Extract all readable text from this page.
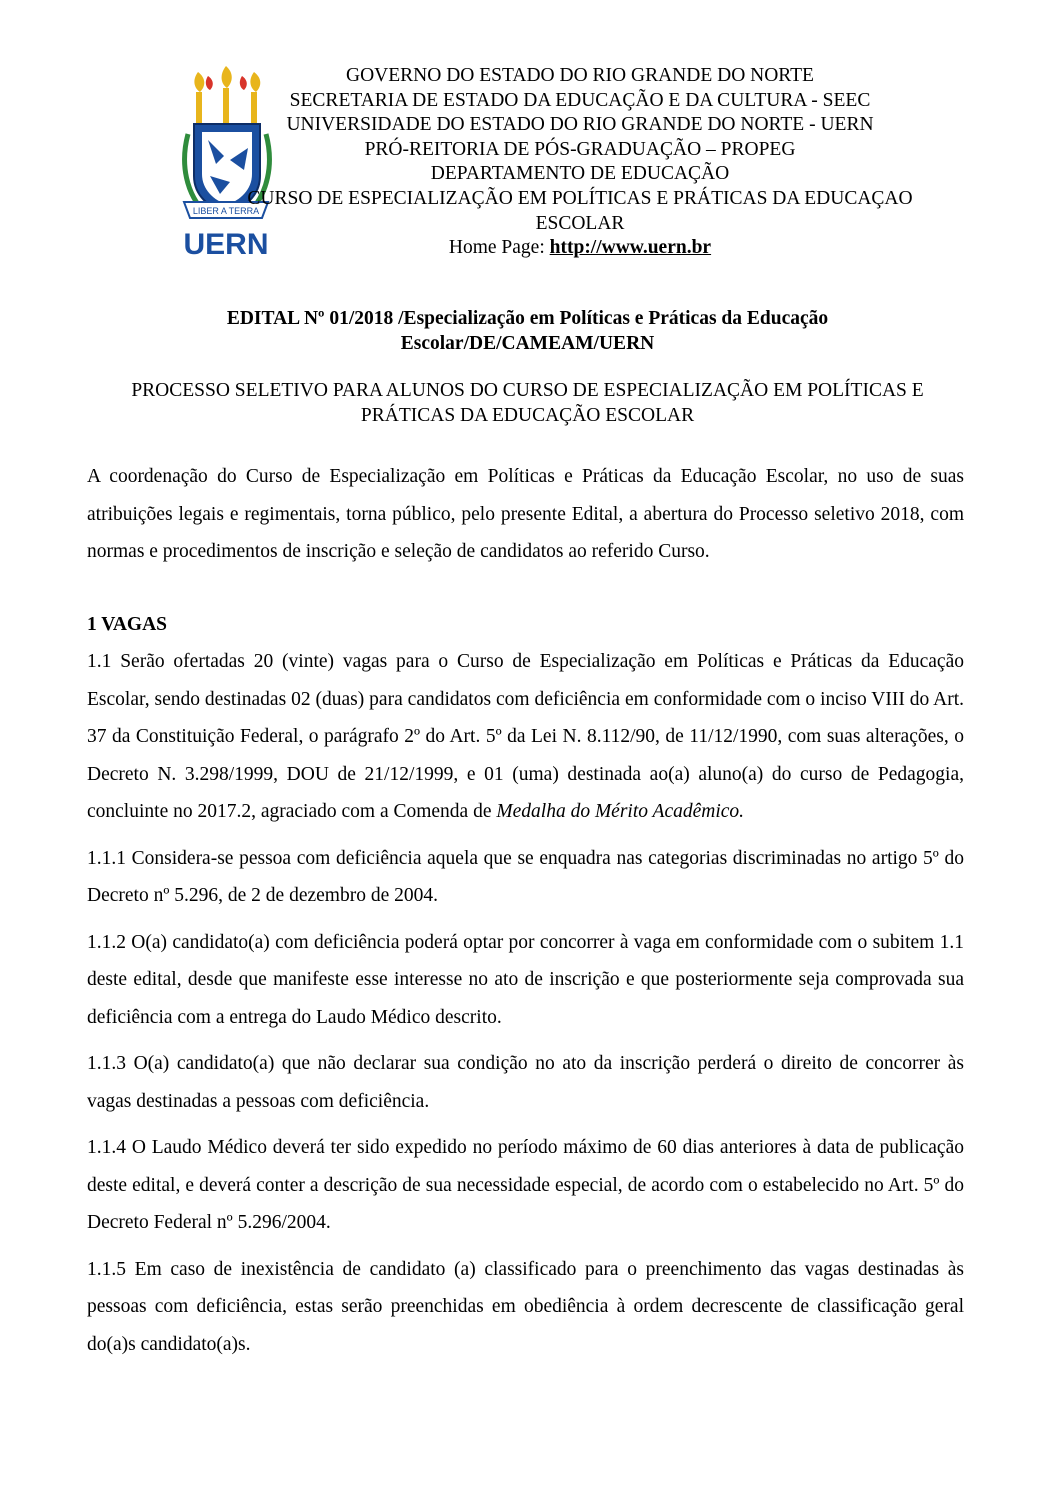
LIBER A TERRA
UERN
GOVERNO DO ESTADO DO RIO GRANDE DO NORTE
SECRETARIA DE ESTADO DA EDUCAÇÃO E DA CULTURA - SEEC
UNIVERSIDADE DO ESTADO DO RIO GRANDE DO NORTE - UERN
PRÓ-REITORIA DE PÓS-GRADUAÇÃO – PROPEG
DEPARTAMENTO DE EDUCAÇÃO
CURSO DE ESPECIALIZAÇÃO EM POLÍTICAS E PRÁTICAS DA EDUCAÇAO
ESCOLAR
Home Page: http://www.uern.br
EDITAL Nº 01/2018 /Especialização em Políticas e Práticas da Educação
Escolar/DE/CAMEAM/UERN
PROCESSO SELETIVO PARA ALUNOS DO CURSO DE ESPECIALIZAÇÃO EM POLÍTICAS E
PRÁTICAS DA EDUCAÇÃO ESCOLAR

A coordenação do Curso de Especialização em Políticas e Práticas da Educação Escolar, no uso de suas atribuições legais e regimentais, torna público, pelo presente Edital, a abertura do Processo seletivo 2018, com normas e procedimentos de inscrição e seleção de candidatos ao referido Curso.

1 VAGAS

1.1 Serão ofertadas 20 (vinte) vagas para o Curso de Especialização em Políticas e Práticas da Educação Escolar, sendo destinadas 02 (duas) para candidatos com deficiência em conformidade com o inciso VIII do Art. 37 da Constituição Federal, o parágrafo 2º do Art. 5º da Lei N. 8.112/90, de 11/12/1990, com suas alterações, o Decreto N. 3.298/1999, DOU de 21/12/1999, e 01 (uma) destinada ao(a) aluno(a) do curso de Pedagogia, concluinte no 2017.2, agraciado com a Comenda de Medalha do Mérito Acadêmico.

1.1.1 Considera-se pessoa com deficiência aquela que se enquadra nas categorias discriminadas no artigo 5º do Decreto nº 5.296, de 2 de dezembro de 2004.

1.1.2 O(a) candidato(a) com deficiência poderá optar por concorrer à vaga em conformidade com o subitem 1.1 deste edital, desde que manifeste esse interesse no ato de inscrição e que posteriormente seja comprovada sua deficiência com a entrega do Laudo Médico descrito.

1.1.3 O(a) candidato(a) que não declarar sua condição no ato da inscrição perderá o direito de concorrer às vagas destinadas a pessoas com deficiência.

1.1.4 O Laudo Médico deverá ter sido expedido no período máximo de 60 dias anteriores à data de publicação deste edital, e deverá conter a descrição de sua necessidade especial, de acordo com o estabelecido no Art. 5º do Decreto Federal nº 5.296/2004.

1.1.5 Em caso de inexistência de candidato (a) classificado para o preenchimento das vagas destinadas às pessoas com deficiência, estas serão preenchidas em obediência à ordem decrescente de classificação geral do(a)s candidato(a)s.
